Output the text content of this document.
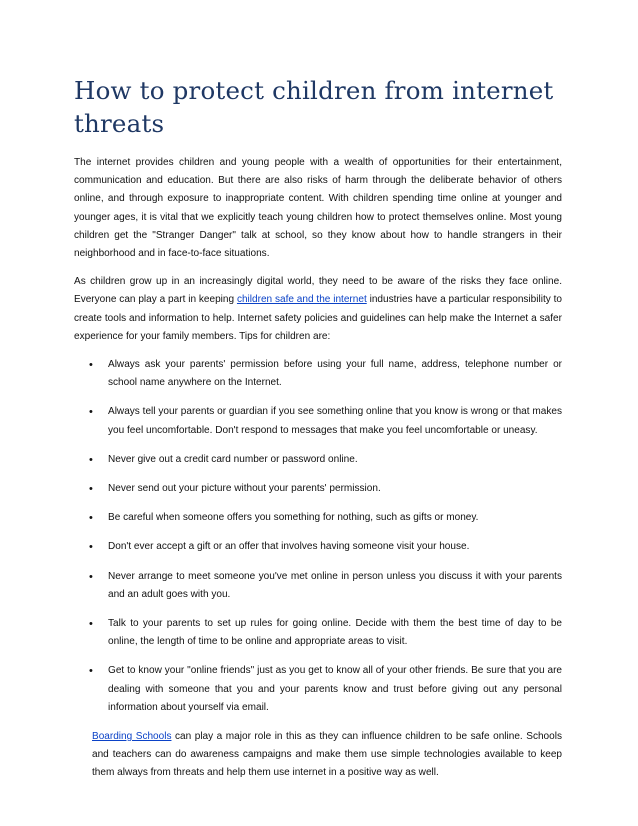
How to protect children from internet threats

The internet provides children and young people with a wealth of opportunities for their entertainment, communication and education. But there are also risks of harm through the deliberate behavior of others online, and through exposure to inappropriate content. With children spending time online at younger and younger ages, it is vital that we explicitly teach young children how to protect themselves online. Most young children get the "Stranger Danger" talk at school, so they know about how to handle strangers in their neighborhood and in face-to-face situations.

As children grow up in an increasingly digital world, they need to be aware of the risks they face online. Everyone can play a part in keeping children safe and the internet industries have a particular responsibility to create tools and information to help. Internet safety policies and guidelines can help make the Internet a safer experience for your family members. Tips for children are:

• Always ask your parents' permission before using your full name, address, telephone number or school name anywhere on the Internet.
• Always tell your parents or guardian if you see something online that you know is wrong or that makes you feel uncomfortable. Don't respond to messages that make you feel uncomfortable or uneasy.
• Never give out a credit card number or password online.
• Never send out your picture without your parents' permission.
• Be careful when someone offers you something for nothing, such as gifts or money.
• Don't ever accept a gift or an offer that involves having someone visit your house.
• Never arrange to meet someone you've met online in person unless you discuss it with your parents and an adult goes with you.
• Talk to your parents to set up rules for going online. Decide with them the best time of day to be online, the length of time to be online and appropriate areas to visit.
• Get to know your "online friends" just as you get to know all of your other friends. Be sure that you are dealing with someone that you and your parents know and trust before giving out any personal information about yourself via email.

Boarding Schools can play a major role in this as they can influence children to be safe online. Schools and teachers can do awareness campaigns and make them use simple technologies available to keep them always from threats and help them use internet in a positive way as well.
